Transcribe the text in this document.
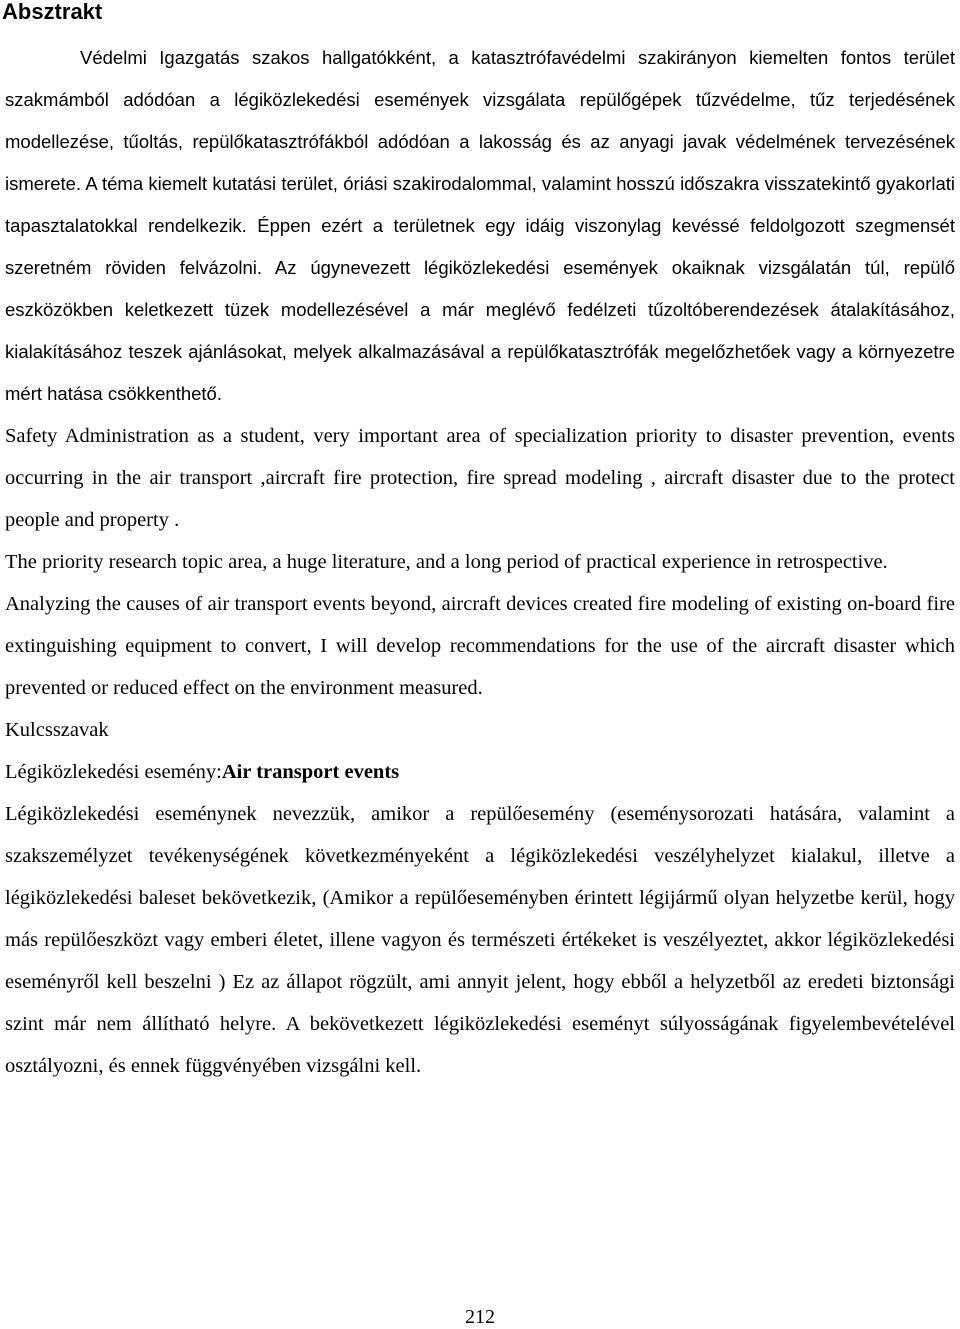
Absztrakt

Védelmi Igazgatás szakos hallgatókként, a katasztrófavédelmi szakirányon kiemelten fontos terület szakmámból adódóan a légiközlekedési események vizsgálata repülőgépek tűzvédelme, tűz terjedésének modellezése, tűoltás, repülőkatasztrófákból adódóan a lakosság és az anyagi javak védelmének tervezésének ismerete. A téma kiemelt kutatási terület, óriási szakirodalommal, valamint hosszú időszakra visszatekintő gyakorlati tapasztalatokkal rendelkezik. Éppen ezért a területnek egy idáig viszonylag kevéssé feldolgozott szegmensét szeretném röviden felvázolni. Az úgynevezett légiközlekedési események okaiknak vizsgálatán túl, repülő eszközökben keletkezett tüzek modellezésével a már meglévő fedélzeti tűzoltóberendezések átalakításához, kialakításához teszek ajánlásokat, melyek alkalmazásával a repülőkatasztrófák megelőzhetőek vagy a környezetre mért hatása csökkenthető.

Safety Administration as a student, very important area of specialization priority to disaster prevention, events occurring in the air transport ,aircraft fire protection, fire spread modeling , aircraft disaster due to the protect people and property .

The priority research topic area, a huge literature, and a long period of practical experience in retrospective.

Analyzing the causes of air transport events beyond, aircraft devices created fire modeling of existing on-board fire extinguishing equipment to convert, I will develop recommendations for the use of the aircraft disaster which prevented or reduced effect on the environment measured.

Kulcsszavak

Légiközlekedési esemény:Air transport events

Légiközlekedési eseménynek nevezzük, amikor a repülőesemény (eseménysorozati hatására, valamint a szakszemélyzet tevékenységének következményeként a légiközlekedési veszélyhelyzet kialakul, illetve a légiközlekedési baleset bekövetkezik, (Amikor a repülőeseményben érintett légijármű olyan helyzetbe kerül, hogy más repülőeszközt vagy emberi életet, illene vagyon és természeti értékeket is veszélyeztet, akkor légiközlekedési eseményről kell beszelni ) Ez az állapot rögzült, ami annyit jelent, hogy ebből a helyzetből az eredeti biztonsági szint már nem állítható helyre. A bekövetkezett légiközlekedési eseményt súlyosságának figyelembevételével osztályozni, és ennek függvényében vizsgálni kell.

212
